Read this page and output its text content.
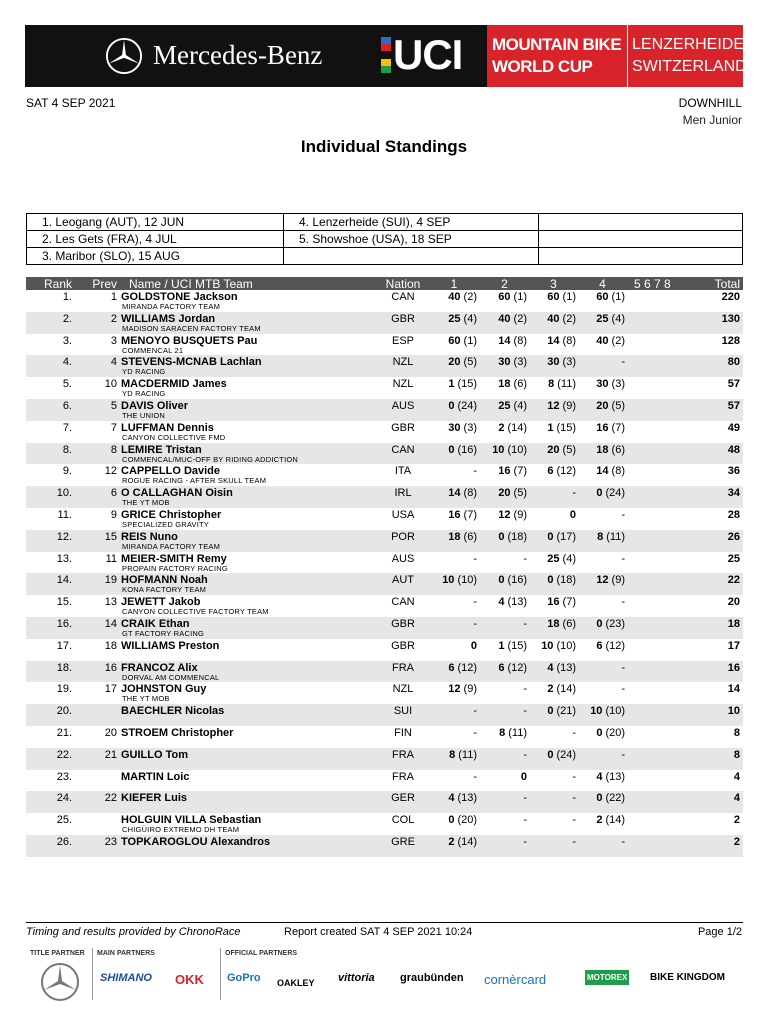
Mercedes-Benz UCI MOUNTAIN BIKE
WORLD CUP
LENZERHEIDE
SWITZERLAND
SAT 4 SEP 2021	DOWNHILL
Men Junior
Individual Standings
1. Leogang (AUT), 12 JUN	4. Lenzerheide (SUI), 4 SEP	
2. Les Gets (FRA), 4 JUL	5. Showshoe (USA), 18 SEP	
3. Maribor (SLO), 15 AUG		
Rank	Prev Name / UCI MTB Team	Nation	1	2	3	4	5 6 7 8	Total
1.	1 GOLDSTONE Jackson
MIRANDA FACTORY TEAM
CAN	40 (2)	60 (1)	60 (1)	60 (1)	220
2.	2 WILLIAMS Jordan
MADISON SARACEN FACTORY TEAM
GBR	25 (4)	40 (2)	40 (2)	25 (4)	130
3.	3 MENOYO BUSQUETS Pau
COMMENCAL 21
ESP	60 (1)	14 (8)	14 (8)	40 (2)	128
4.	4 STEVENS-MCNAB Lachlan
YD RACING
NZL	20 (5)	30 (3)	30 (3)	-	80
5.	10 MACDERMID James
YD RACING
NZL	1 (15)	18 (6)	8 (11)	30 (3)	57
6.	5 DAVIS Oliver
THE UNION
AUS	0 (24)	25 (4)	12 (9)	20 (5)	57
7.	7 LUFFMAN Dennis
CANYON COLLECTIVE FMD
GBR	30 (3)	2 (14)	1 (15)	16 (7)	49
8.	8 LEMIRE Tristan
COMMENCAL/MUC-OFF BY RIDING ADDICTION
CAN	0 (16)	10 (10)	20 (5)	18 (6)	48
9.	12 CAPPELLO Davide
ROGUE RACING - AFTER SKULL TEAM
ITA	-	16 (7)	6 (12)	14 (8)	36
10.	6 O CALLAGHAN Oisin
THE YT MOB
IRL	14 (8)	20 (5)	-	0 (24)	34
11.	9 GRICE Christopher
SPECIALIZED GRAVITY
USA	16 (7)	12 (9)	0	-	28
12.	15 REIS Nuno
MIRANDA FACTORY TEAM
POR	18 (6)	0 (18)	0 (17)	8 (11)	26
13.	11 MEIER-SMITH Remy
PROPAIN FACTORY RACING
AUS	-	-	25 (4)	-	25
14.	19 HOFMANN Noah
KONA FACTORY TEAM
AUT	10 (10)	0 (16)	0 (18)	12 (9)	22
15.	13 JEWETT Jakob
CANYON COLLECTIVE FACTORY TEAM
CAN	-	4 (13)	16 (7)	-	20
16.	14 CRAIK Ethan
GT FACTORY RACING
GBR	-	-	18 (6)	0 (23)	18
17.	18 WILLIAMS Preston	GBR	0	1 (15)	10 (10)	6 (12)	17
18.	16 FRANCOZ Alix
DORVAL AM COMMENCAL
FRA	6 (12)	6 (12)	4 (13)	-	16
19.	17 JOHNSTON Guy
THE YT MOB
NZL	12 (9)	-	2 (14)	-	14
20.	BAECHLER Nicolas	SUI	-	-	0 (21)	10 (10)	10
21.	20 STROEM Christopher	FIN	-	8 (11)	-	0 (20)	8
22.	21 GUILLO Tom	FRA	8 (11)	-	0 (24)	-	8
23.	MARTIN Loic	FRA	-	0	-	4 (13)	4
24.	22 KIEFER Luis	GER	4 (13)	-	-	0 (22)	4
25.	HOLGUIN VILLA Sebastian
CHIGÜIRO EXTREMO DH TEAM
COL	0 (20)	-	-	2 (14)	2
26.	23 TOPKAROGLOU Alexandros	GRE	2 (14)	-	-	-	2
Timing and results provided by ChronoRace	Report created SAT 4 SEP 2021 10:24	Page 1/2
TITLE PARTNER MAIN PARTNERS	OFFICIAL PARTNERS
SHIMANO OKK GoPro OAKLEY vittoria graubünden cornèrcard	MOTOREX BIKE KINGDOM
